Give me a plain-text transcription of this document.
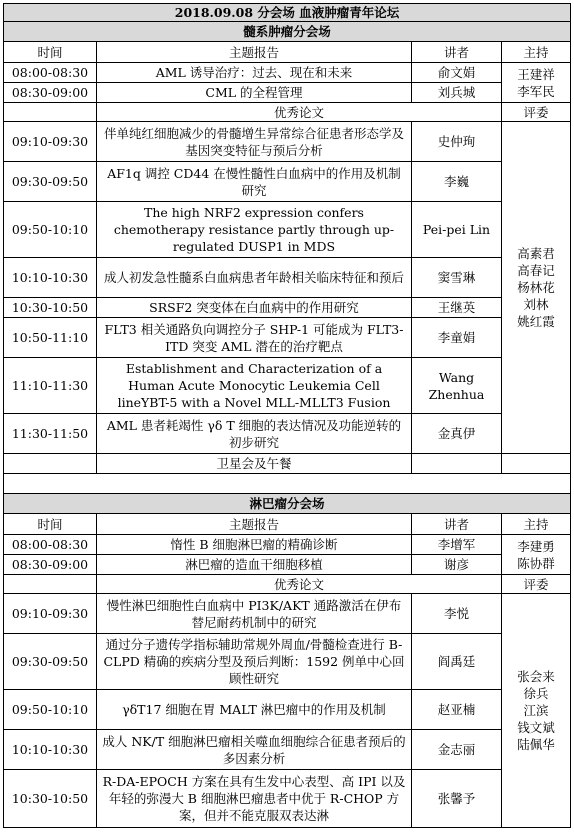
2018.09.08 分会场 血液肿瘤青年论坛			
髓系肿瘤分会场			
时间	主题报告	讲者	主持
08:00-08:30	AML 诱导治疗：过去、现在和未来	俞文娟	王建祥
李军民

08:30-09:00	CML 的全程管理	刘兵城	
	优秀论文		评委
09:10-09:30	伴单纯红细胞减少的骨髓增生异常综合征患者形态学及基因突变特征与预后分析	史仲珣	高素君
高春记
杨林花
刘林
姚红霞

09:30-09:50	AF1q 调控 CD44 在慢性髓性白血病中的作用及机制研究	李巍	
09:50-10:10	The high NRF2 expression confers chemotherapy resistance partly through up-regulated DUSP1 in MDS	Pei-pei Lin	
10:10-10:30	成人初发急性髓系白血病患者年龄相关临床特征和预后	窦雪琳	
10:30-10:50	SRSF2 突变体在白血病中的作用研究	王继英	
10:50-11:10	FLT3 相关通路负向调控分子 SHP-1 可能成为 FLT3-ITD 突变 AML 潜在的治疗靶点	李童娟	
11:10-11:30	Establishment and Characterization of a Human Acute Monocytic Leukemia Cell lineYBT-5 with a Novel MLL-MLLT3 Fusion	Wang Zhenhua	
11:30-11:50	AML 患者耗竭性 γδ T 细胞的表达情况及功能逆转的初步研究	金真伊	
	卫星会及午餐		

淋巴瘤分会场			
时间	主题报告	讲者	主持
08:00-08:30	惰性 B 细胞淋巴瘤的精确诊断	李增军	李建勇
陈协群

08:30-09:00	淋巴瘤的造血干细胞移植	谢彦	
	优秀论文		评委
09:10-09:30	慢性淋巴细胞性白血病中 PI3K/AKT 通路激活在伊布替尼耐药机制中的研究	李悦	张会来
徐兵
江滨
钱文斌
陆佩华

09:30-09:50	通过分子遗传学指标辅助常规外周血/骨髓检查进行 B-CLPD 精确的疾病分型及预后判断：1592 例单中心回顾性研究	阎禹廷	
09:50-10:10	γδT17 细胞在胃 MALT 淋巴瘤中的作用及机制	赵亚楠	
10:10-10:30	成人 NK/T 细胞淋巴瘤相关噬血细胞综合征患者预后的多因素分析	金志丽	
10:30-10:50	R-DA-EPOCH 方案在具有生发中心表型、高 IPI 以及年轻的弥漫大 B 细胞淋巴瘤患者中优于 R-CHOP 方案，但并不能克服双表达淋	张馨予	
